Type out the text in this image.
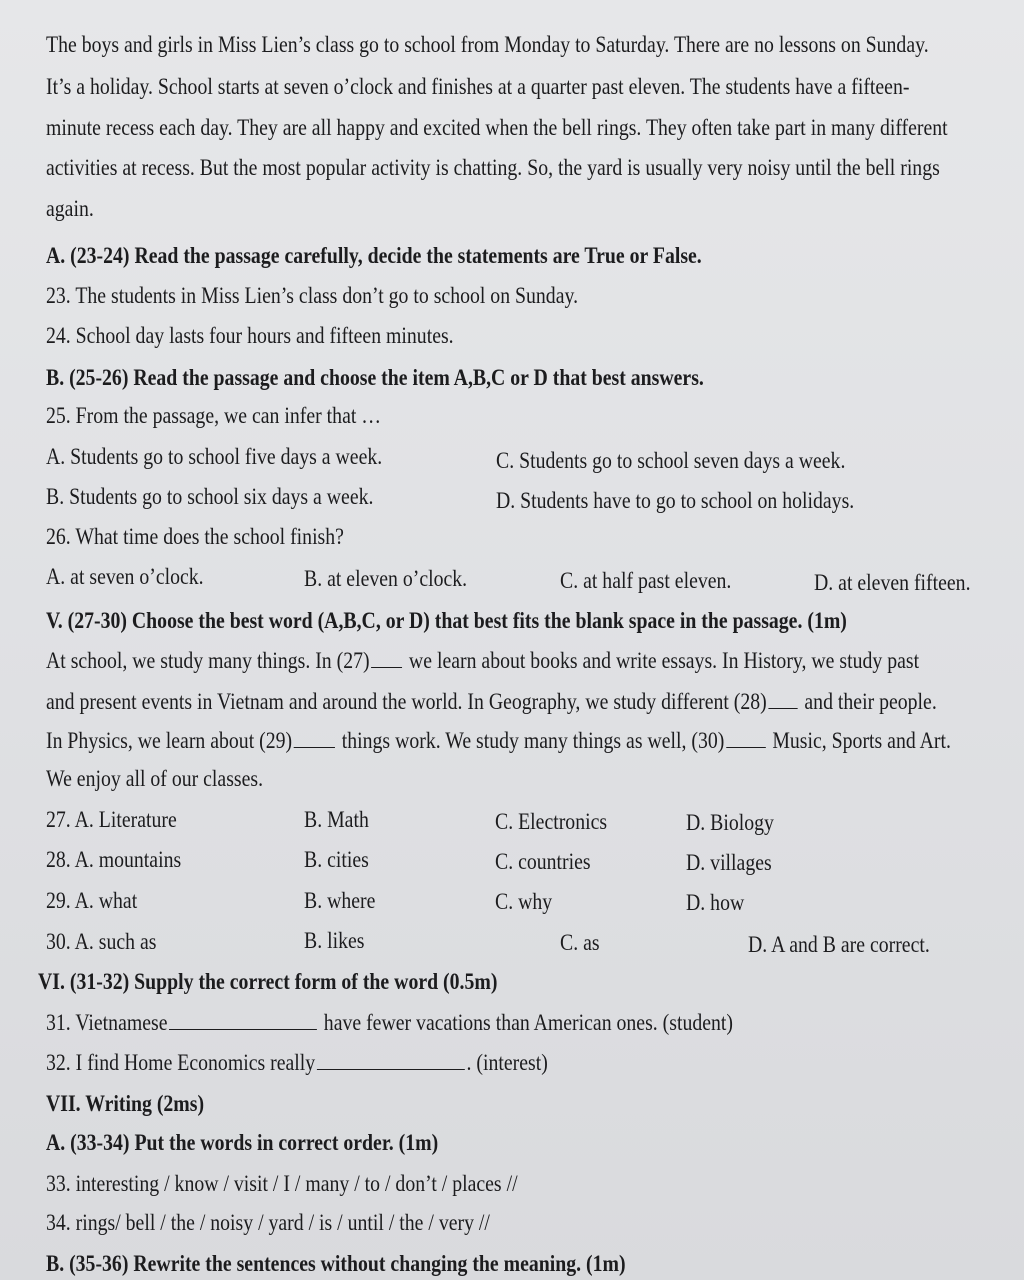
The boys and girls in Miss Lien’s class go to school from Monday to Saturday. There are no lessons on Sunday.
It’s a holiday. School starts at seven o’clock and finishes at a quarter past eleven. The students have a fifteen-
minute recess each day. They are all happy and excited when the bell rings. They often take part in many different
activities at recess. But the most popular activity is chatting. So, the yard is usually very noisy until the bell rings
again.
A. (23-24) Read the passage carefully, decide the statements are True or False.
23. The students in Miss Lien’s class don’t go to school on Sunday.
24. School day lasts four hours and fifteen minutes.
B. (25-26) Read the passage and choose the item A,B,C or D that best answers.
25. From the passage, we can infer that …
A. Students go to school five days a week.	C. Students go to school seven days a week.
B. Students go to school six days a week.	D. Students have to go to school on holidays.
26. What time does the school finish?
A. at seven o’clock.	B. at eleven o’clock.	C. at half past eleven.	D. at eleven fifteen.
V. (27-30) Choose the best word (A,B,C, or D) that best fits the blank space in the passage. (1m)
At school, we study many things. In (27) we learn about books and write essays. In History, we study past
and present events in Vietnam and around the world. In Geography, we study different (28) and their people.
In Physics, we learn about (29) things work. We study many things as well, (30) Music, Sports and Art.
We enjoy all of our classes.
27. A. Literature	B. Math	C. Electronics	D. Biology
28. A. mountains	B. cities	C. countries	D. villages
29. A. what	B. where	C. why	D. how
30. A. such as	B. likes	C. as	D. A and B are correct.
VI. (31-32) Supply the correct form of the word (0.5m)
31. Vietnamese	have fewer vacations than American ones. (student)
32. I find Home Economics really	. (interest)
VII. Writing (2ms)
A. (33-34) Put the words in correct order. (1m)
33. interesting / know / visit / I / many / to / don’t / places //
34. rings/ bell / the / noisy / yard / is / until / the / very //
B. (35-36) Rewrite the sentences without changing the meaning. (1m)
